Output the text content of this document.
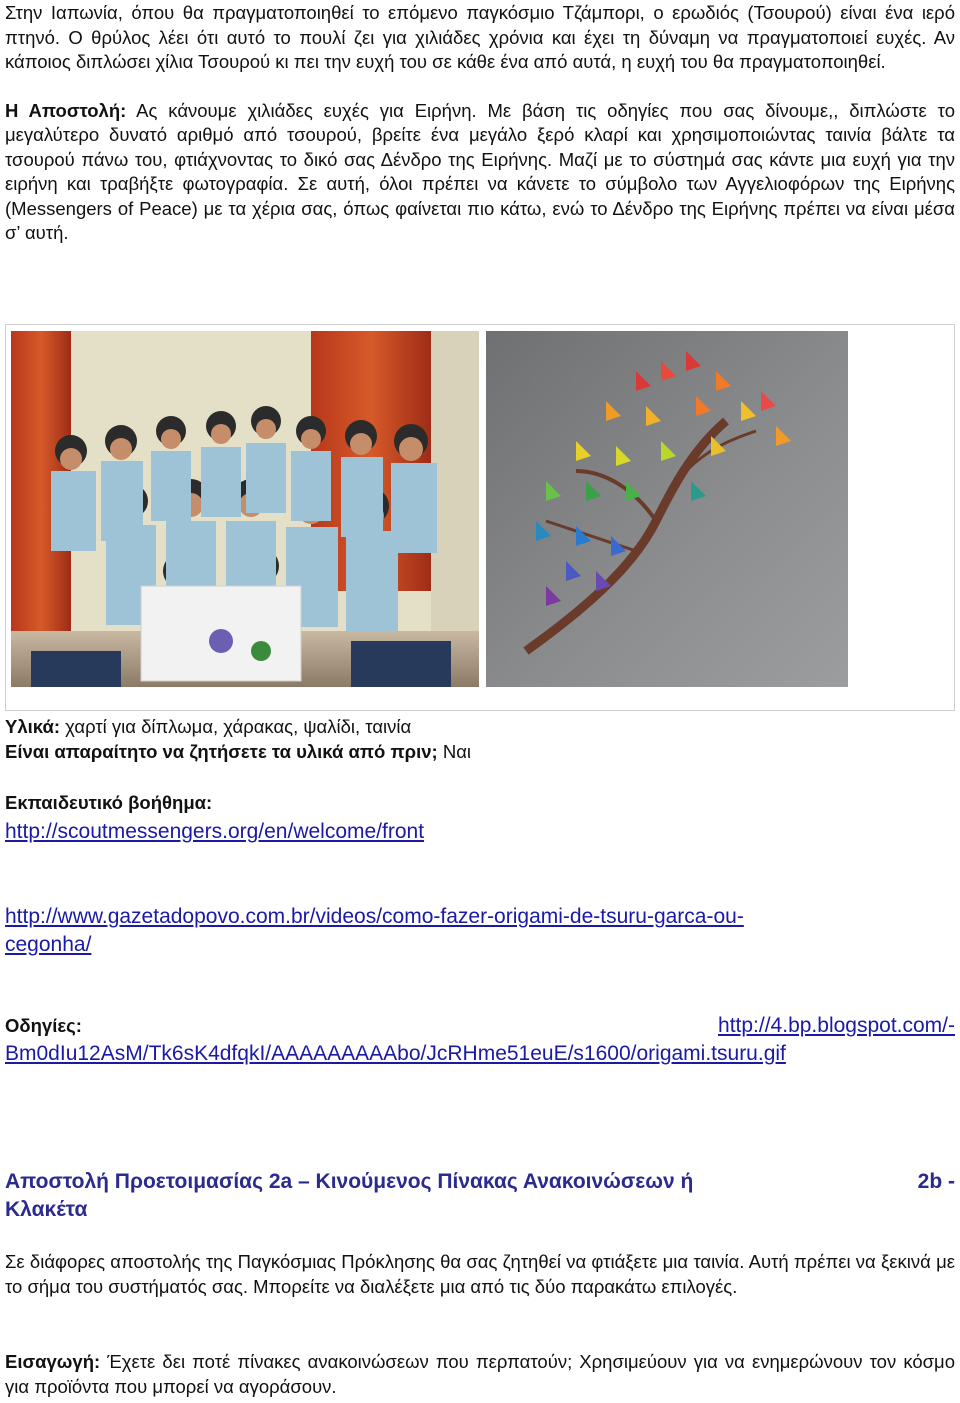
Στην Ιαπωνία, όπου θα πραγματοποιηθεί το επόμενο παγκόσμιο Τζάμπορι, ο ερωδιός (Τσουρού) είναι ένα ιερό πτηνό. Ο θρύλος λέει ότι αυτό το πουλί ζει για χιλιάδες χρόνια και έχει τη δύναμη να πραγματοποιεί ευχές. Αν κάποιος διπλώσει χίλια Τσουρού κι πει την ευχή του σε κάθε ένα από αυτά, η ευχή του θα πραγματοποιηθεί.

Η Αποστολή: Ας κάνουμε χιλιάδες ευχές για Ειρήνη. Με βάση τις οδηγίες που σας δίνουμε,, διπλώστε το μεγαλύτερο δυνατό αριθμό από τσουρού, βρείτε ένα μεγάλο ξερό κλαρί και χρησιμοποιώντας ταινία βάλτε τα τσουρού πάνω του, φτιάχνοντας το δικό σας Δένδρο της Ειρήνης. Μαζί με το σύστημά σας κάντε μια ευχή για την ειρήνη και τραβήξτε φωτογραφία. Σε αυτή, όλοι πρέπει να κάνετε το σύμβολο των Αγγελιοφόρων της Ειρήνης (Messengers of Peace) με τα χέρια σας, όπως φαίνεται πιο κάτω, ενώ το Δένδρο της Ειρήνης πρέπει να είναι μέσα σ’ αυτή.

Υλικά: χαρτί για δίπλωμα, χάρακας, ψαλίδι, ταινία

Είναι απαραίτητο να ζητήσετε τα υλικά από πριν; Ναι

Εκπαιδευτικό βοήθημα:

http://scoutmessengers.org/en/welcome/front
http://www.gazetadopovo.com.br/videos/como-fazer-origami-de-tsuru-garca-ou-
cegonha/
Οδηγίες:	http://4.bp.blogspot.com/-
Bm0dIu12AsM/Tk6sK4dfqkI/AAAAAAAAAbo/JcRHme51euE/s1600/origami.tsuru.gif
Αποστολή Προετοιμασίας 2a – Κινούμενος Πίνακας Ανακοινώσεων ή	2b -
Κλακέτα

Σε διάφορες αποστολής της Παγκόσμιας Πρόκλησης θα σας ζητηθεί να φτιάξετε μια ταινία. Αυτή πρέπει να ξεκινά με το σήμα του συστήματός σας. Μπορείτε να διαλέξετε μια από τις δύο παρακάτω επιλογές.

Εισαγωγή: Έχετε δει ποτέ πίνακες ανακοινώσεων που περπατούν; Χρησιμεύουν για να ενημερώνουν τον κόσμο για προϊόντα που μπορεί να αγοράσουν.
